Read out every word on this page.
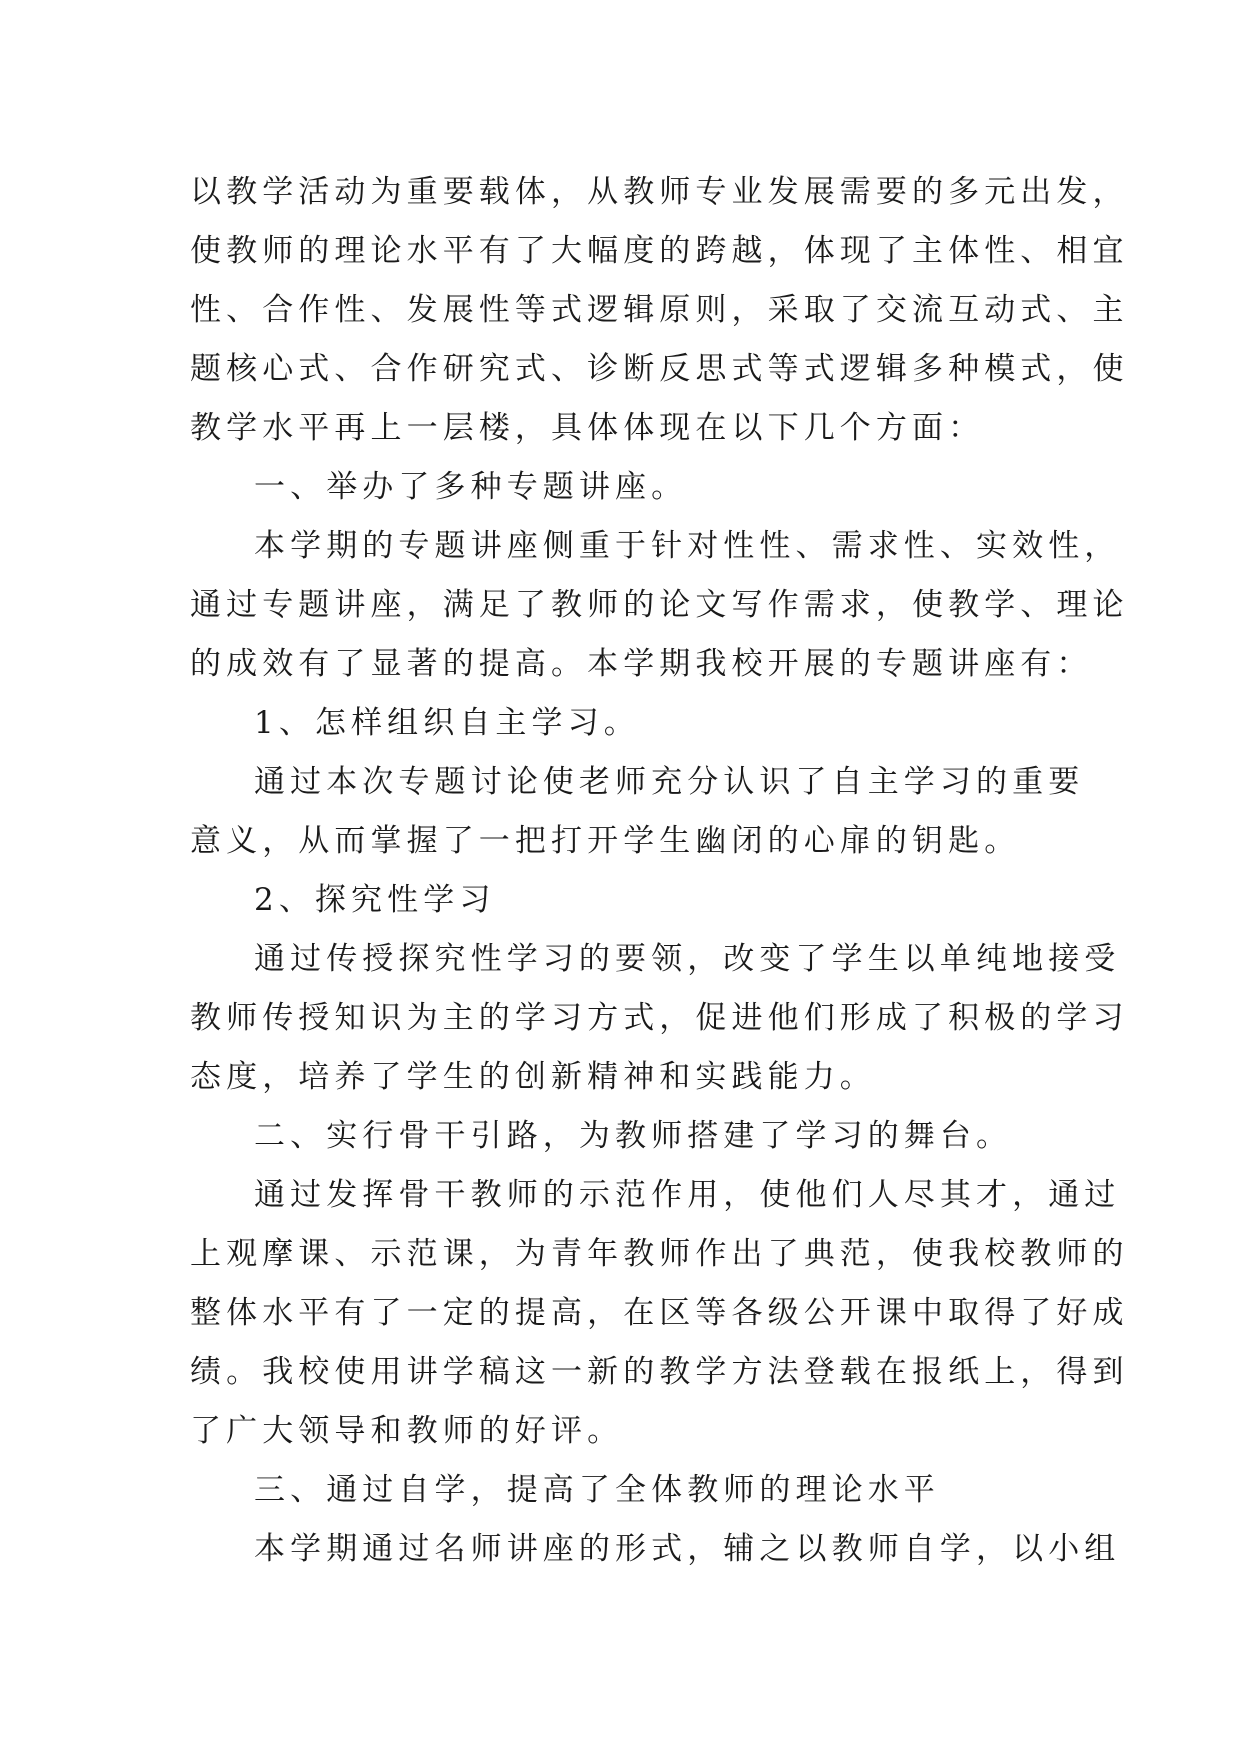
以教学活动为重要载体，从教师专业发展需要的多元出发，
使教师的理论水平有了大幅度的跨越，体现了主体性、相宜
性、合作性、发展性等式逻辑原则，采取了交流互动式、主
题核心式、合作研究式、诊断反思式等式逻辑多种模式，使
教学水平再上一层楼，具体体现在以下几个方面：
一、举办了多种专题讲座。
本学期的专题讲座侧重于针对性性、需求性、实效性，
通过专题讲座，满足了教师的论文写作需求，使教学、理论
的成效有了显著的提高。本学期我校开展的专题讲座有：
1、怎样组织自主学习。
通过本次专题讨论使老师充分认识了自主学习的重要
意义，从而掌握了一把打开学生幽闭的心扉的钥匙。
2、探究性学习
通过传授探究性学习的要领，改变了学生以单纯地接受
教师传授知识为主的学习方式，促进他们形成了积极的学习
态度，培养了学生的创新精神和实践能力。
二、实行骨干引路，为教师搭建了学习的舞台。
通过发挥骨干教师的示范作用，使他们人尽其才，通过
上观摩课、示范课，为青年教师作出了典范，使我校教师的
整体水平有了一定的提高，在区等各级公开课中取得了好成
绩。我校使用讲学稿这一新的教学方法登载在报纸上，得到
了广大领导和教师的好评。
三、通过自学，提高了全体教师的理论水平
本学期通过名师讲座的形式，辅之以教师自学，以小组
